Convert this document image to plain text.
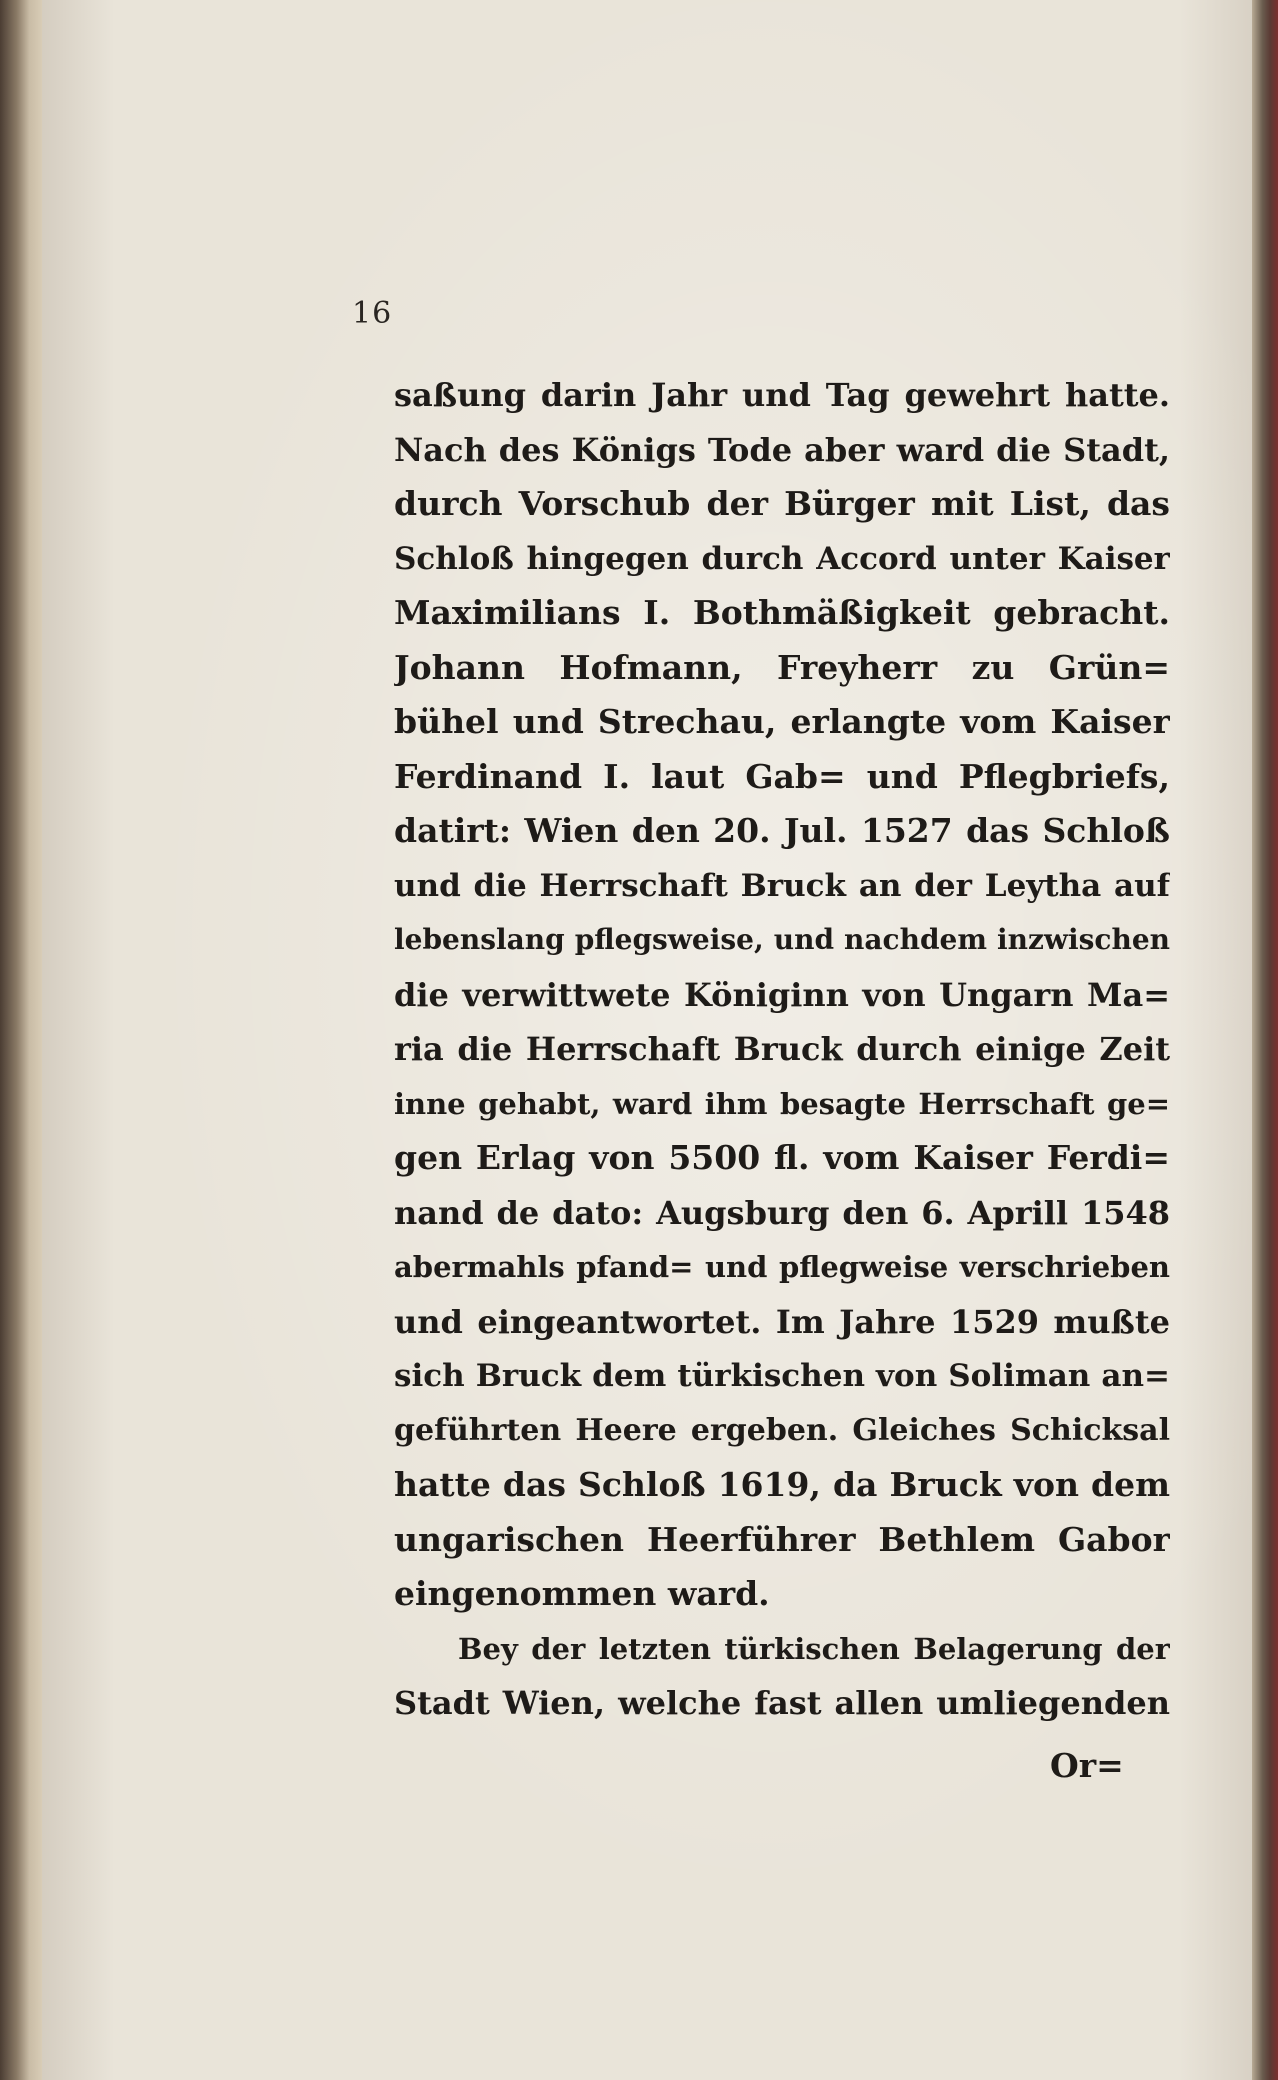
16
saßung darin Jahr und Tag gewehrt hatte.
Nach des Königs Tode aber ward die Stadt,
durch Vorschub der Bürger mit List, das
Schloß hingegen durch Accord unter Kaiser
Maximilians I. Bothmäßigkeit gebracht.
Johann Hofmann, Freyherr zu Grün=
bühel und Strechau, erlangte vom Kaiser
Ferdinand I. laut Gab= und Pflegbriefs,
datirt: Wien den 20. Jul. 1527 das Schloß
und die Herrschaft Bruck an der Leytha auf
lebenslang pflegsweise, und nachdem inzwischen
die verwittwete Königinn von Ungarn Ma=
ria die Herrschaft Bruck durch einige Zeit
inne gehabt, ward ihm besagte Herrschaft ge=
gen Erlag von 5500 fl. vom Kaiser Ferdi=
nand de dato: Augsburg den 6. Aprill 1548
abermahls pfand= und pflegweise verschrieben
und eingeantwortet. Im Jahre 1529 mußte
sich Bruck dem türkischen von Soliman an=
geführten Heere ergeben. Gleiches Schicksal
hatte das Schloß 1619, da Bruck von dem
ungarischen Heerführer Bethlem Gabor
eingenommen ward.
Bey der letzten türkischen Belagerung der
Stadt Wien, welche fast allen umliegenden
Or=
